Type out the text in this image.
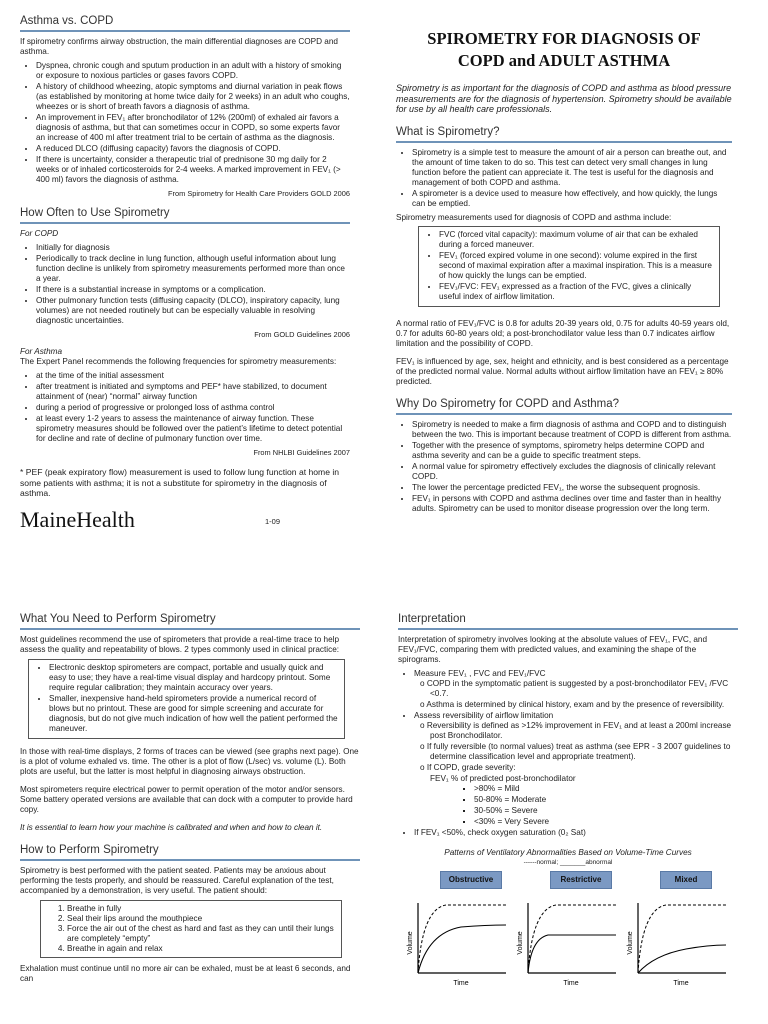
Asthma vs. COPD

If spirometry confirms airway obstruction, the main differential diagnoses are COPD and asthma.

• Dyspnea, chronic cough and sputum production in an adult with a history of smoking or exposure to noxious particles or gases favors COPD.
• A history of childhood wheezing, atopic symptoms and diurnal variation in peak flows (as established by monitoring at home twice daily for 2 weeks) in an adult who coughs, wheezes or is short of breath favors a diagnosis of asthma.
• An improvement in FEV₁ after bronchodilator of 12% (200ml) of exhaled air favors a diagnosis of asthma, but that can sometimes occur in COPD, so some experts favor an increase of 400 ml after treatment trial to be certain of asthma as the diagnosis.
• A reduced DLCO (diffusing capacity) favors the diagnosis of COPD.
• If there is uncertainty, consider a therapeutic trial of prednisone 30 mg daily for 2 weeks or of inhaled corticosteroids for 2-4 weeks. A marked improvement in FEV₁ (> 400 ml) favors the diagnosis of asthma.
From Spirometry for Health Care Providers GOLD 2006
How Often to Use Spirometry

For COPD

• Initially for diagnosis
• Periodically to track decline in lung function, although useful information about lung function decline is unlikely from spirometry measurements performed more than once a year.
• If there is a substantial increase in symptoms or a complication.
• Other pulmonary function tests (diffusing capacity (DLCO), inspiratory capacity, lung volumes) are not needed routinely but can be especially valuable in resolving diagnostic uncertainties.
From GOLD Guidelines 2006

For Asthma

The Expert Panel recommends the following frequencies for spirometry measurements:

• at the time of the initial assessment
• after treatment is initiated and symptoms and PEF* have stabilized, to document attainment of (near) “normal” airway function
• during a period of progressive or prolonged loss of asthma control
• at least every 1-2 years to assess the maintenance of airway function. These spirometry measures should be followed over the patient’s lifetime to detect potential for decline and rate of decline of pulmonary function over time.
From NHLBI Guidelines 2007

* PEF (peak expiratory flow) measurement is used to follow lung function at home in some patients with asthma; it is not a substitute for spirometry in the diagnosis of asthma.

MaineHealth	1-09
SPIROMETRY FOR DIAGNOSIS OF
COPD and ADULT ASTHMA

Spirometry is as important for the diagnosis of COPD and asthma as blood pressure measurements are for the diagnosis of hypertension. Spirometry should be available for use by all health care professionals.

What is Spirometry?
• Spirometry is a simple test to measure the amount of air a person can breathe out, and the amount of time taken to do so. This test can detect very small changes in lung function before the patient can appreciate it. The test is useful for the diagnosis and management of both COPD and asthma.
• A spirometer is a device used to measure how effectively, and how quickly, the lungs can be emptied.

Spirometry measurements used for diagnosis of COPD and asthma include:

• FVC (forced vital capacity): maximum volume of air that can be exhaled during a forced maneuver.
• FEV₁ (forced expired volume in one second): volume expired in the first second of maximal expiration after a maximal inspiration. This is a measure of how quickly the lungs can be emptied.
• FEV₁/FVC: FEV₁ expressed as a fraction of the FVC, gives a clinically useful index of airflow limitation.

A normal ratio of FEV₁/FVC is 0.8 for adults 20-39 years old, 0.75 for adults 40-59 years old, 0.7 for adults 60-80 years old; a post-bronchodilator value less than 0.7 indicates airflow limitation and the possibility of COPD.

FEV₁ is influenced by age, sex, height and ethnicity, and is best considered as a percentage of the predicted normal value. Normal adults without airflow limitation have an FEV₁ ≥ 80% predicted.

Why Do Spirometry for COPD and Asthma?
• Spirometry is needed to make a firm diagnosis of asthma and COPD and to distinguish between the two. This is important because treatment of COPD is different from asthma.
• Together with the presence of symptoms, spirometry helps determine COPD and asthma severity and can be a guide to specific treatment steps.
• A normal value for spirometry effectively excludes the diagnosis of clinically relevant COPD.
• The lower the percentage predicted FEV₁, the worse the subsequent prognosis.
• FEV₁ in persons with COPD and asthma declines over time and faster than in healthy adults. Spirometry can be used to monitor disease progression over the long term.
What You Need to Perform Spirometry

Most guidelines recommend the use of spirometers that provide a real-time trace to help assess the quality and repeatability of blows. 2 types commonly used in clinical practice:

• Electronic desktop spirometers are compact, portable and usually quick and easy to use; they have a real-time visual display and hardcopy printout. Some require regular calibration; they maintain accuracy over years.
• Smaller, inexpensive hand-held spirometers provide a numerical record of blows but no printout. These are good for simple screening and accurate for diagnosis, but do not give much indication of how well the patient performed the maneuver.

In those with real-time displays, 2 forms of traces can be viewed (see graphs next page). One is a plot of volume exhaled vs. time. The other is a plot of flow (L/sec) vs. volume (L). Both plots are useful, but the latter is most helpful in diagnosing airways obstruction.

Most spirometers require electrical power to permit operation of the motor and/or sensors. Some battery operated versions are available that can dock with a computer to provide hard copy.

It is essential to learn how your machine is calibrated and when and how to clean it.

How to Perform Spirometry

Spirometry is best performed with the patient seated. Patients may be anxious about performing the tests properly, and should be reassured. Careful explanation of the test, accompanied by a demonstration, is very useful. The patient should:

1. Breathe in fully
2. Seal their lips around the mouthpiece
3. Force the air out of the chest as hard and fast as they can until their lungs are completely “empty”
4. Breathe in again and relax

Exhalation must continue until no more air can be exhaled, must be at least 6 seconds, and can

Interpretation

Interpretation of spirometry involves looking at the absolute values of FEV₁, FVC, and FEV₁/FVC, comparing them with predicted values, and examining the shape of the spirograms.

• Measure FEV₁ , FVC and FEV₁/FVC
o COPD in the symptomatic patient is suggested by a post-bronchodilator FEV₁ /FVC <0.7.
o Asthma is determined by clinical history, exam and by the presence of reversibility.
• Assess reversibility of airflow limitation
o Reversibility is defined as >12% improvement in FEV₁ and at least a 200ml increase post Bronchodilator.
o If fully reversible (to normal values) treat as asthma (see EPR - 3 2007 guidelines to determine classification level and appropriate treatment).
o If COPD, grade severity:
FEV₁ % of predicted post-bronchodilator
▪ >80% = Mild
▪ 50-80% = Moderate
▪ 30-50% = Severe
▪ <30% = Very Severe
• If FEV₁ <50%, check oxygen saturation (0₂ Sat)
Patterns of Ventilatory Abnormalities Based on Volume-Time Curves
------normal; _______abnormal
Obstructive
Volume
Time
Restrictive
Volume
Time
Mixed
Volume
Time
